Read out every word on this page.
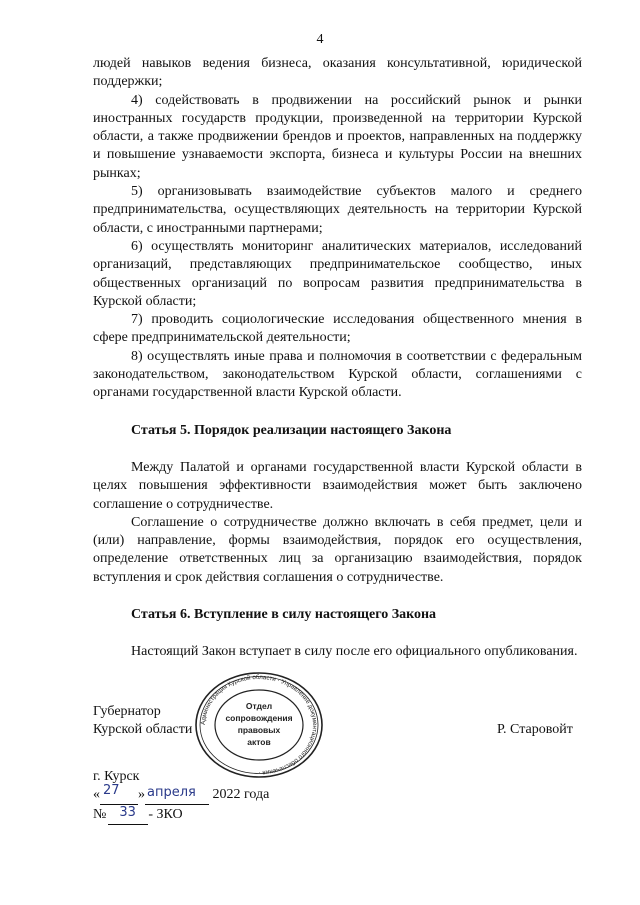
4

людей навыков ведения бизнеса, оказания консультативной, юридической поддержки;

4) содействовать в продвижении на российский рынок и рынки иностранных государств продукции, произведенной на территории Курской области, а также продвижении брендов и проектов, направленных на поддержку и повышение узнаваемости экспорта, бизнеса и культуры России на внешних рынках;

5) организовывать взаимодействие субъектов малого и среднего предпринимательства, осуществляющих деятельность на территории Курской области, с иностранными партнерами;

6) осуществлять мониторинг аналитических материалов, исследований организаций, представляющих предпринимательское сообщество, иных общественных организаций по вопросам развития предпринимательства в Курской области;

7) проводить социологические исследования общественного мнения в сфере предпринимательской деятельности;

8) осуществлять иные права и полномочия в соответствии с федеральным законодательством, законодательством Курской области, соглашениями с органами государственной власти Курской области.

Статья 5. Порядок реализации настоящего Закона

Между Палатой и органами государственной власти Курской области в целях повышения эффективности взаимодействия может быть заключено соглашение о сотрудничестве.

Соглашение о сотрудничестве должно включать в себя предмет, цели и (или) направление, формы взаимодействия, порядок его осуществления, определение ответственных лиц за организацию взаимодействия, порядок вступления и срок действия соглашения о сотрудничестве.

Статья 6. Вступление в силу настоящего Закона

Настоящий Закон вступает в силу после его официального опубликования.

Губернатор
Курской области	Р. Старовойт
Администрация Курской области · Управление документационного обеспечения ·
Отдел
сопровождения
правовых
актов
г. Курск
« 27 » апреля 2022 года
№ 33 - ЗКО
